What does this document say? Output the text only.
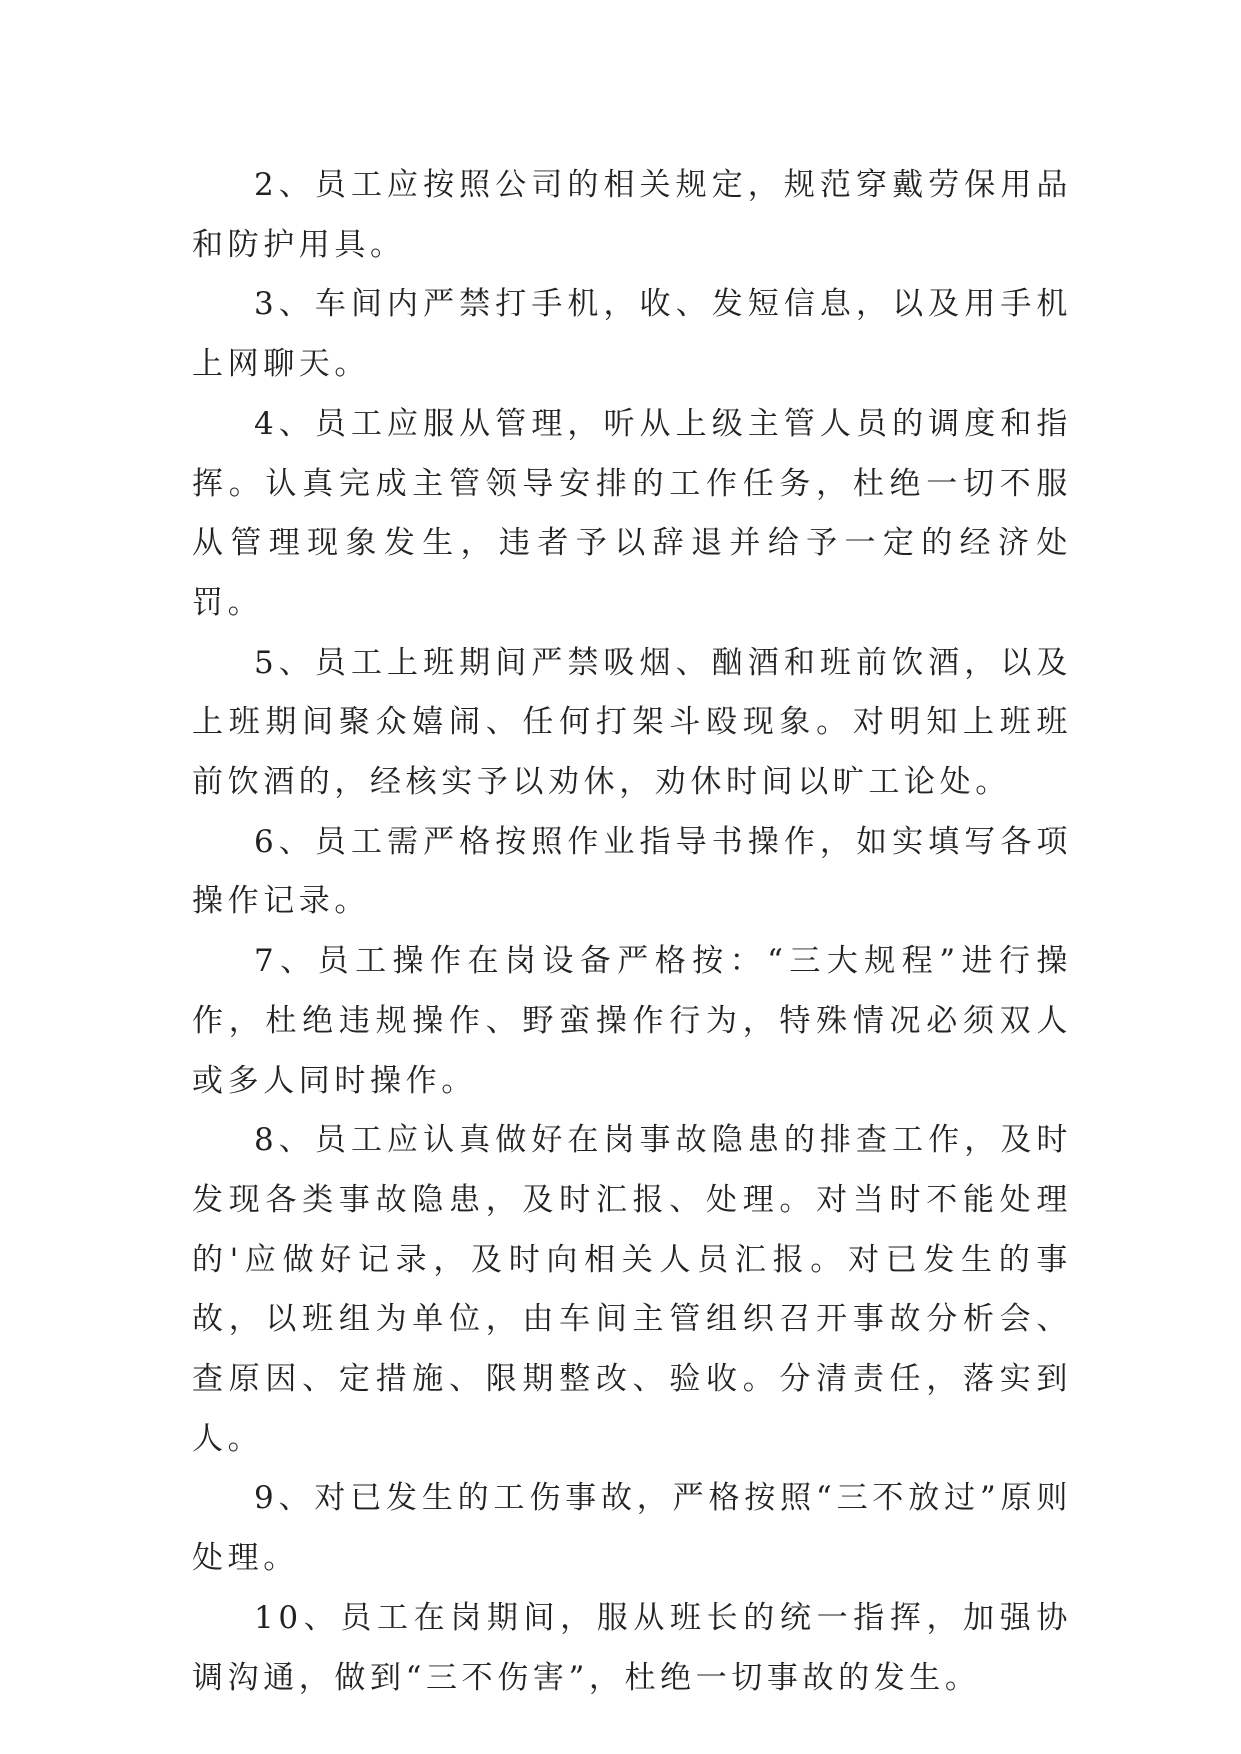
2、员工应按照公司的相关规定，规范穿戴劳保用品和防护用具。

3、车间内严禁打手机，收、发短信息，以及用手机上网聊天。

4、员工应服从管理，听从上级主管人员的调度和指挥。认真完成主管领导安排的工作任务，杜绝一切不服从管理现象发生，违者予以辞退并给予一定的经济处罚。

5、员工上班期间严禁吸烟、酗酒和班前饮酒，以及上班期间聚众嬉闹、任何打架斗殴现象。对明知上班班前饮酒的，经核实予以劝休，劝休时间以旷工论处。

6、员工需严格按照作业指导书操作，如实填写各项操作记录。

7、员工操作在岗设备严格按：“三大规程”进行操作，杜绝违规操作、野蛮操作行为，特殊情况必须双人或多人同时操作。

8、员工应认真做好在岗事故隐患的排查工作，及时发现各类事故隐患，及时汇报、处理。对当时不能处理的'应做好记录，及时向相关人员汇报。对已发生的事故，以班组为单位，由车间主管组织召开事故分析会、查原因、定措施、限期整改、验收。分清责任，落实到人。

9、对已发生的工伤事故，严格按照“三不放过”原则处理。

10、员工在岗期间，服从班长的统一指挥，加强协调沟通，做到“三不伤害”，杜绝一切事故的发生。
